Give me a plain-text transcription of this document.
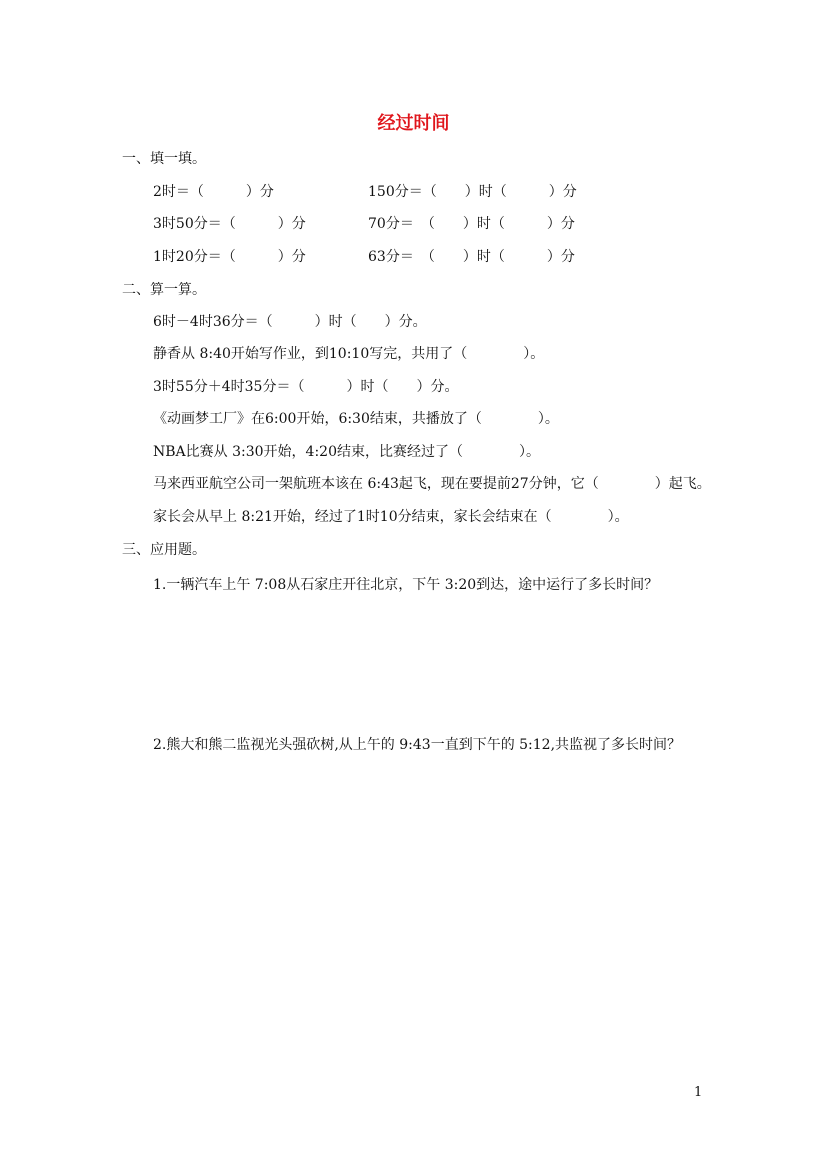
经过时间
一、填一填。
2时＝（　　　）分	150分＝（　　）时（　　　）分
3时50分＝（　　　）分	70分＝　（　　）时（　　　）分
1时20分＝（　　　）分	63分＝　（　　）时（　　　）分
二、算一算。
6时－4时36分＝（　　　）时（　　）分。
静香从 8:40开始写作业，到10:10写完，共用了（　　　　）。
3时55分＋4时35分＝（　　　）时（　　）分。
《动画梦工厂》在6:00开始，6:30结束，共播放了（　　　　）。
NBA比赛从 3:30开始，4:20结束，比赛经过了（　　　　）。
马来西亚航空公司一架航班本该在 6:43起飞，现在要提前27分钟，它（　　　　）起飞。
家长会从早上 8:21开始，经过了1时10分结束，家长会结束在（　　　　）。
三、应用题。
1.一辆汽车上午 7:08从石家庄开往北京，下午 3:20到达，途中运行了多长时间？
2.熊大和熊二监视光头强砍树,从上午的 9:43一直到下午的 5:12,共监视了多长时间？
1
